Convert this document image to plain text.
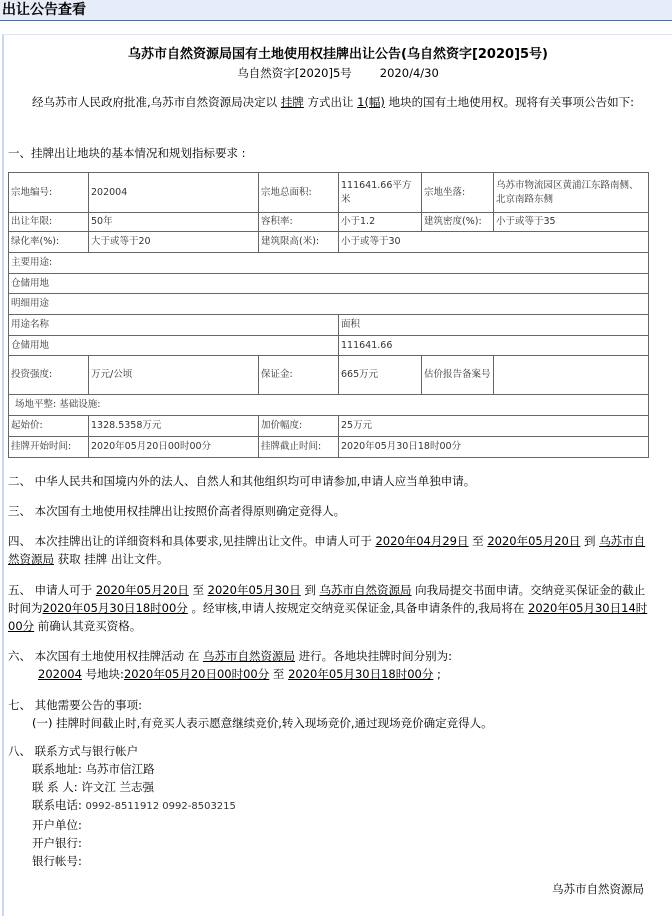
出让公告查看
乌苏市自然资源局国有土地使用权挂牌出让公告(乌自然资字[2020]5号)
乌自然资字[2020]5号 2020/4/30
经乌苏市人民政府批准,乌苏市自然资源局决定以 挂牌 方式出让 1(幅) 地块的国有土地使用权。现将有关事项公告如下:
一、挂牌出让地块的基本情况和规划指标要求 :
宗地编号:	202004	宗地总面积:	111641.66平方米	宗地坐落:	乌苏市物流园区黄浦江东路南侧、北京南路东侧
出让年限:	50年	容积率:	小于1.2	建筑密度(%):	小于或等于35
绿化率(%):	大于或等于20	建筑限高(米):	小于或等于30		
主要用途:					
仓储用地					
明细用途					
用途名称			面积		
仓储用地			111641.66		
投资强度:	万元/公顷	保证金:	665万元	估价报告备案号	
场地平整: 基础设施:					
起始价:	1328.5358万元	加价幅度:	25万元		
挂牌开始时间:	2020年05月20日00时00分	挂牌截止时间:	2020年05月30日18时00分		
二、 中华人民共和国境内外的法人、自然人和其他组织均可申请参加,申请人应当单独申请。
三、 本次国有土地使用权挂牌出让按照价高者得原则确定竞得人。
四、 本次挂牌出让的详细资料和具体要求,见挂牌出让文件。申请人可于 2020年04月29日 至 2020年05月20日 到 乌苏市自然资源局 获取 挂牌 出让文件。
五、 申请人可于 2020年05月20日 至 2020年05月30日 到 乌苏市自然资源局 向我局提交书面申请。交纳竞买保证金的截止时间为2020年05月30日18时00分 。经审核,申请人按规定交纳竞买保证金,具备申请条件的,我局将在 2020年05月30日14时00分 前确认其竞买资格。
六、 本次国有土地使用权挂牌活动 在 乌苏市自然资源局 进行。各地块挂牌时间分别为:
202004 号地块:2020年05月20日00时00分 至 2020年05月30日18时00分 ;
七、 其他需要公告的事项:
(一) 挂牌时间截止时,有竞买人表示愿意继续竞价,转入现场竞价,通过现场竞价确定竞得人。
八、 联系方式与银行帐户
联系地址: 乌苏市信江路
联 系 人: 许文江 兰志强
联系电话: 0992-8511912 0992-8503215
开户单位:
开户银行:
银行帐号:
乌苏市自然资源局
